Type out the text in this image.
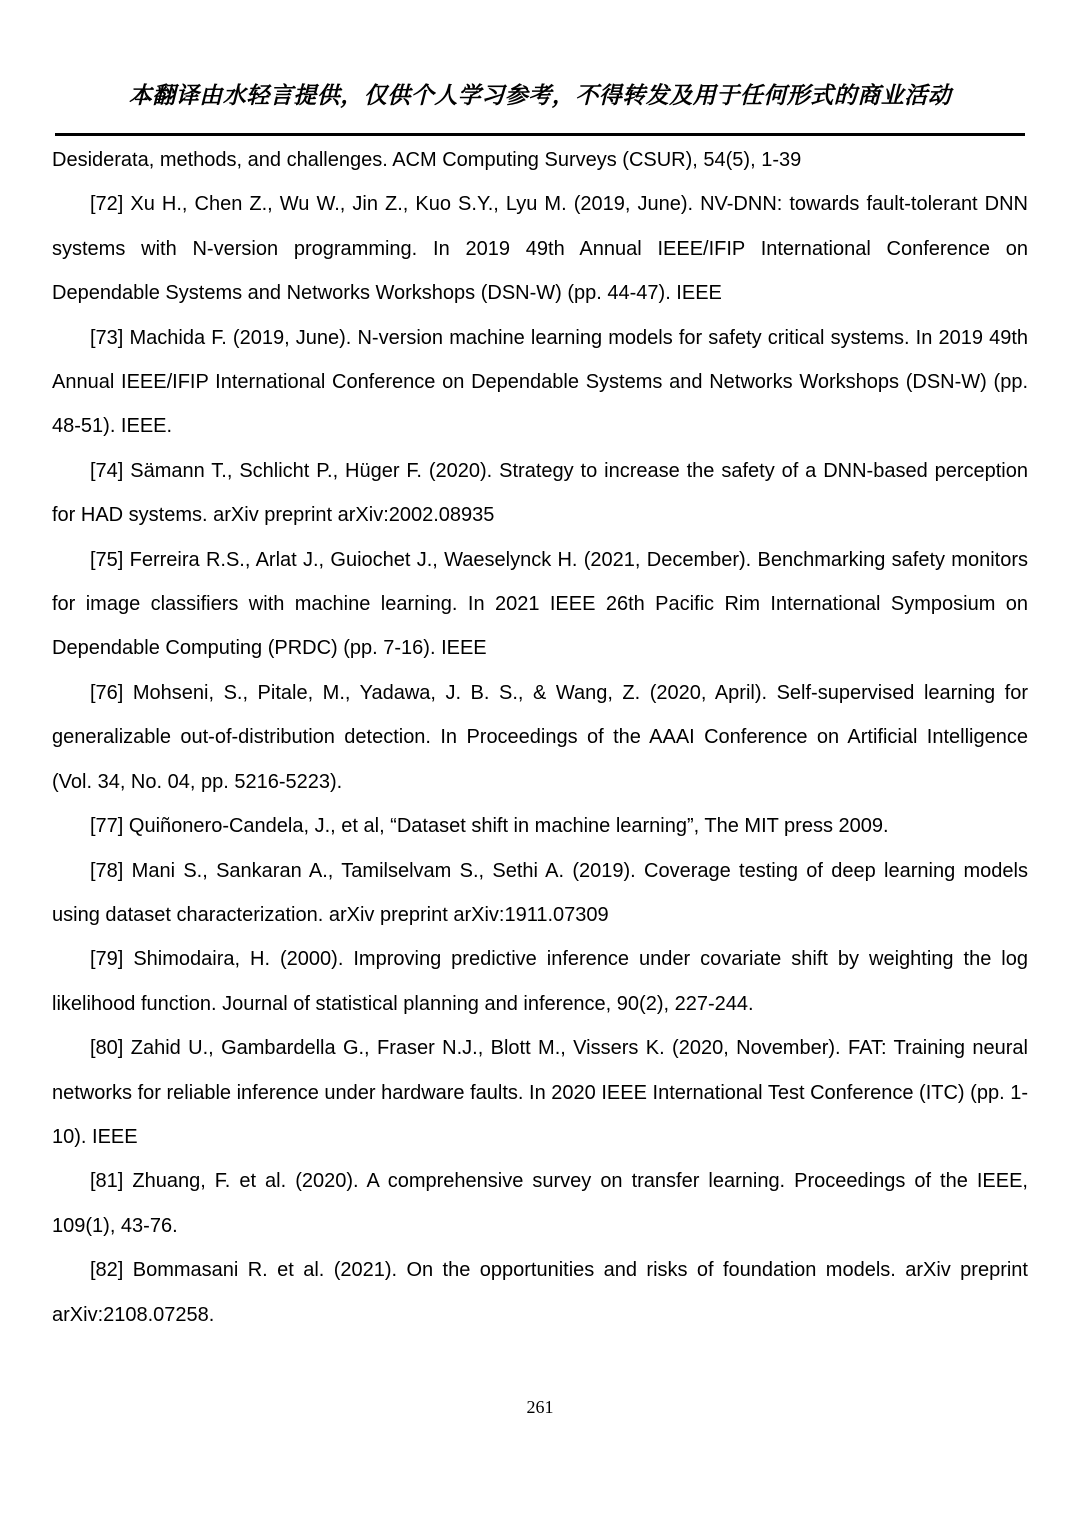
本翻译由水轻言提供，仅供个人学习参考，不得转发及用于任何形式的商业活动

Desiderata, methods, and challenges. ACM Computing Surveys (CSUR), 54(5), 1-39

[72] Xu H., Chen Z., Wu W., Jin Z., Kuo S.Y., Lyu M. (2019, June). NV-DNN: towards fault-tolerant DNN systems with N-version programming. In 2019 49th Annual IEEE/IFIP International Conference on Dependable Systems and Networks Workshops (DSN-W) (pp. 44-47). IEEE

[73] Machida F. (2019, June). N-version machine learning models for safety critical systems. In 2019 49th Annual IEEE/IFIP International Conference on Dependable Systems and Networks Workshops (DSN-W) (pp. 48-51). IEEE.

[74] Sämann T., Schlicht P., Hüger F. (2020). Strategy to increase the safety of a DNN-based perception for HAD systems. arXiv preprint arXiv:2002.08935

[75] Ferreira R.S., Arlat J., Guiochet J., Waeselynck H. (2021, December). Benchmarking safety monitors for image classifiers with machine learning. In 2021 IEEE 26th Pacific Rim International Symposium on Dependable Computing (PRDC) (pp. 7-16). IEEE

[76] Mohseni, S., Pitale, M., Yadawa, J. B. S., & Wang, Z. (2020, April). Self-supervised learning for generalizable out-of-distribution detection. In Proceedings of the AAAI Conference on Artificial Intelligence (Vol. 34, No. 04, pp. 5216-5223).

[77] Quiñonero-Candela, J., et al, “Dataset shift in machine learning”, The MIT press 2009.

[78] Mani S., Sankaran A., Tamilselvam S., Sethi A. (2019). Coverage testing of deep learning models using dataset characterization. arXiv preprint arXiv:1911.07309

[79] Shimodaira, H. (2000). Improving predictive inference under covariate shift by weighting the log likelihood function. Journal of statistical planning and inference, 90(2), 227-244.

[80] Zahid U., Gambardella G., Fraser N.J., Blott M., Vissers K. (2020, November). FAT: Training neural networks for reliable inference under hardware faults. In 2020 IEEE International Test Conference (ITC) (pp. 1-10). IEEE

[81] Zhuang, F. et al. (2020). A comprehensive survey on transfer learning. Proceedings of the IEEE, 109(1), 43-76.

[82] Bommasani R. et al. (2021). On the opportunities and risks of foundation models. arXiv preprint arXiv:2108.07258.

261
